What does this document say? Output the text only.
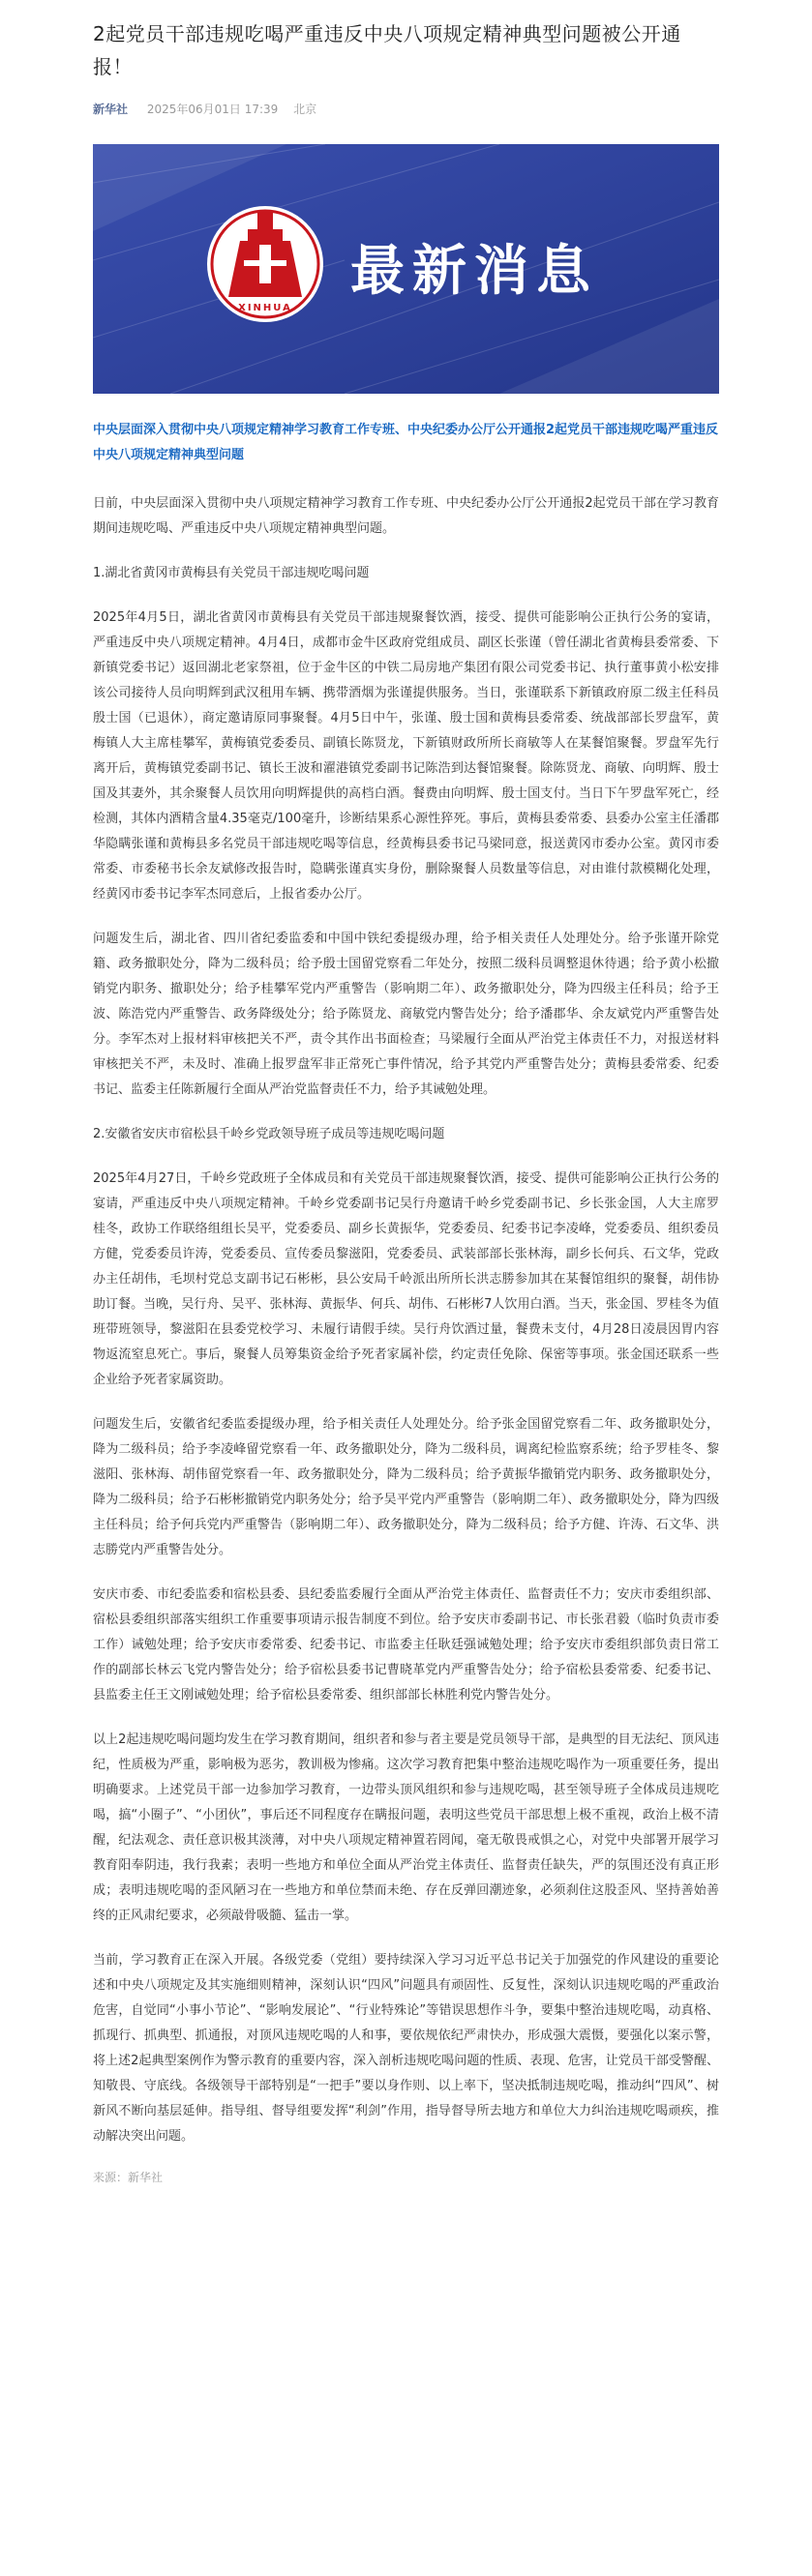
2起党员干部违规吃喝严重违反中央八项规定精神典型问题被公开通报！
新华社 2025年06月01日 17:39 北京
XINHUA
最新消息

中央层面深入贯彻中央八项规定精神学习教育工作专班、中央纪委办公厅公开通报2起党员干部违规吃喝严重违反中央八项规定精神典型问题

日前，中央层面深入贯彻中央八项规定精神学习教育工作专班、中央纪委办公厅公开通报2起党员干部在学习教育期间违规吃喝、严重违反中央八项规定精神典型问题。

1.湖北省黄冈市黄梅县有关党员干部违规吃喝问题

2025年4月5日，湖北省黄冈市黄梅县有关党员干部违规聚餐饮酒，接受、提供可能影响公正执行公务的宴请，严重违反中央八项规定精神。4月4日，成都市金牛区政府党组成员、副区长张谨（曾任湖北省黄梅县委常委、下新镇党委书记）返回湖北老家祭祖，位于金牛区的中铁二局房地产集团有限公司党委书记、执行董事黄小松安排该公司接待人员向明辉到武汉租用车辆、携带酒烟为张谨提供服务。当日，张谨联系下新镇政府原二级主任科员殷士国（已退休），商定邀请原同事聚餐。4月5日中午，张谨、殷士国和黄梅县委常委、统战部部长罗盘军，黄梅镇人大主席桂攀军，黄梅镇党委委员、副镇长陈贤龙，下新镇财政所所长商敏等人在某餐馆聚餐。罗盘军先行离开后，黄梅镇党委副书记、镇长王波和濯港镇党委副书记陈浩到达餐馆聚餐。除陈贤龙、商敏、向明辉、殷士国及其妻外，其余聚餐人员饮用向明辉提供的高档白酒。餐费由向明辉、殷士国支付。当日下午罗盘军死亡，经检测，其体内酒精含量4.35毫克/100毫升，诊断结果系心源性猝死。事后，黄梅县委常委、县委办公室主任潘郡华隐瞒张谨和黄梅县多名党员干部违规吃喝等信息，经黄梅县委书记马梁同意，报送黄冈市委办公室。黄冈市委常委、市委秘书长余友斌修改报告时，隐瞒张谨真实身份，删除聚餐人员数量等信息，对由谁付款模糊化处理，经黄冈市委书记李军杰同意后，上报省委办公厅。

问题发生后，湖北省、四川省纪委监委和中国中铁纪委提级办理，给予相关责任人处理处分。给予张谨开除党籍、政务撤职处分，降为二级科员；给予殷士国留党察看二年处分，按照二级科员调整退休待遇；给予黄小松撤销党内职务、撤职处分；给予桂攀军党内严重警告（影响期二年）、政务撤职处分，降为四级主任科员；给予王波、陈浩党内严重警告、政务降级处分；给予陈贤龙、商敏党内警告处分；给予潘郡华、余友斌党内严重警告处分。李军杰对上报材料审核把关不严，责令其作出书面检查；马梁履行全面从严治党主体责任不力，对报送材料审核把关不严，未及时、准确上报罗盘军非正常死亡事件情况，给予其党内严重警告处分；黄梅县委常委、纪委书记、监委主任陈新履行全面从严治党监督责任不力，给予其诫勉处理。

2.安徽省安庆市宿松县千岭乡党政领导班子成员等违规吃喝问题

2025年4月27日，千岭乡党政班子全体成员和有关党员干部违规聚餐饮酒，接受、提供可能影响公正执行公务的宴请，严重违反中央八项规定精神。千岭乡党委副书记吴行舟邀请千岭乡党委副书记、乡长张金国，人大主席罗桂冬，政协工作联络组组长吴平，党委委员、副乡长黄振华，党委委员、纪委书记李凌峰，党委委员、组织委员方健，党委委员许涛，党委委员、宣传委员黎滋阳，党委委员、武装部部长张林海，副乡长何兵、石文华，党政办主任胡伟，毛坝村党总支副书记石彬彬，县公安局千岭派出所所长洪志勝参加其在某餐馆组织的聚餐，胡伟协助订餐。当晚，吴行舟、吴平、张林海、黄振华、何兵、胡伟、石彬彬7人饮用白酒。当天，张金国、罗桂冬为值班带班领导，黎滋阳在县委党校学习、未履行请假手续。吴行舟饮酒过量，餐费未支付，4月28日凌晨因胃内容物返流窒息死亡。事后，聚餐人员筹集资金给予死者家属补偿，约定责任免除、保密等事项。张金国还联系一些企业给予死者家属资助。

问题发生后，安徽省纪委监委提级办理，给予相关责任人处理处分。给予张金国留党察看二年、政务撤职处分，降为二级科员；给予李凌峰留党察看一年、政务撤职处分，降为二级科员，调离纪检监察系统；给予罗桂冬、黎滋阳、张林海、胡伟留党察看一年、政务撤职处分，降为二级科员；给予黄振华撤销党内职务、政务撤职处分，降为二级科员；给予石彬彬撤销党内职务处分；给予吴平党内严重警告（影响期二年）、政务撤职处分，降为四级主任科员；给予何兵党内严重警告（影响期二年）、政务撤职处分，降为二级科员；给予方健、许涛、石文华、洪志勝党内严重警告处分。

安庆市委、市纪委监委和宿松县委、县纪委监委履行全面从严治党主体责任、监督责任不力；安庆市委组织部、宿松县委组织部落实组织工作重要事项请示报告制度不到位。给予安庆市委副书记、市长张君毅（临时负责市委工作）诫勉处理；给予安庆市委常委、纪委书记、市监委主任耿廷强诫勉处理；给予安庆市委组织部负责日常工作的副部长林云飞党内警告处分；给予宿松县委书记曹晓革党内严重警告处分；给予宿松县委常委、纪委书记、县监委主任王文刚诫勉处理；给予宿松县委常委、组织部部长林胜利党内警告处分。

以上2起违规吃喝问题均发生在学习教育期间，组织者和参与者主要是党员领导干部，是典型的目无法纪、顶风违纪，性质极为严重，影响极为恶劣，教训极为惨痛。这次学习教育把集中整治违规吃喝作为一项重要任务，提出明确要求。上述党员干部一边参加学习教育，一边带头顶风组织和参与违规吃喝，甚至领导班子全体成员违规吃喝，搞“小圈子”、“小团伙”，事后还不同程度存在瞒报问题，表明这些党员干部思想上极不重视，政治上极不清醒，纪法观念、责任意识极其淡薄，对中央八项规定精神置若罔闻，毫无敬畏戒惧之心，对党中央部署开展学习教育阳奉阴违，我行我素；表明一些地方和单位全面从严治党主体责任、监督责任缺失，严的氛围还没有真正形成；表明违规吃喝的歪风陋习在一些地方和单位禁而未绝、存在反弹回潮迹象，必须刹住这股歪风、坚持善始善终的正风肃纪要求，必须敲骨吸髓、猛击一掌。

当前，学习教育正在深入开展。各级党委（党组）要持续深入学习习近平总书记关于加强党的作风建设的重要论述和中央八项规定及其实施细则精神，深刻认识“四风”问题具有顽固性、反复性，深刻认识违规吃喝的严重政治危害，自觉同“小事小节论”、“影响发展论”、“行业特殊论”等错误思想作斗争，要集中整治违规吃喝，动真格、抓现行、抓典型、抓通报，对顶风违规吃喝的人和事，要依规依纪严肃快办，形成强大震慑，要强化以案示警，将上述2起典型案例作为警示教育的重要内容，深入剖析违规吃喝问题的性质、表现、危害，让党员干部受警醒、知敬畏、守底线。各级领导干部特别是“一把手”要以身作则、以上率下，坚决抵制违规吃喝，推动纠“四风”、树新风不断向基层延伸。指导组、督导组要发挥“利剑”作用，指导督导所去地方和单位大力纠治违规吃喝顽疾，推动解决突出问题。

来源：新华社
